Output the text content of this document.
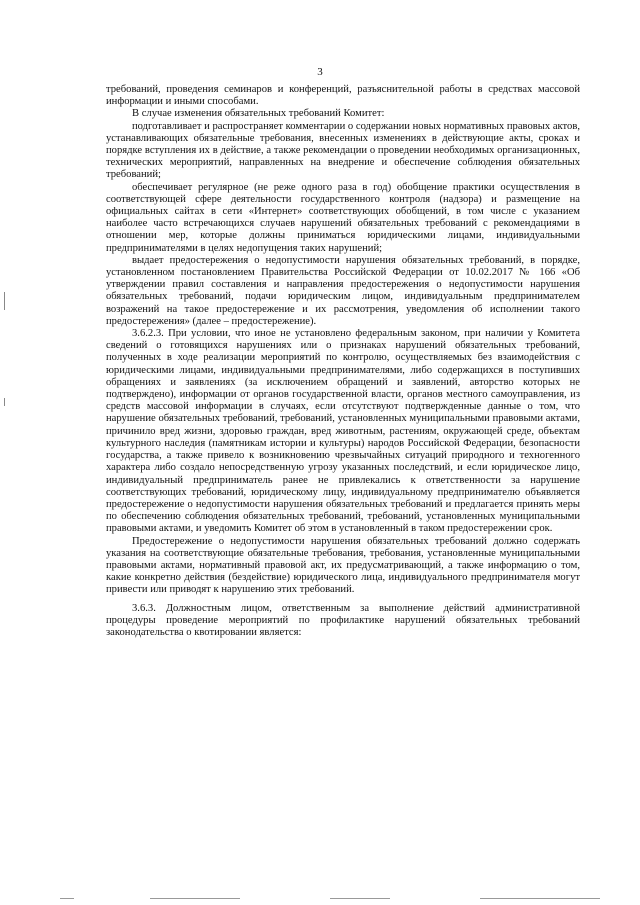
3

требований, проведения семинаров и конференций, разъяснительной работы в средствах массовой информации и иными способами.

В случае изменения обязательных требований Комитет:

подготавливает и распространяет комментарии о содержании новых нормативных правовых актов, устанавливающих обязательные требования, внесенных изменениях в действующие акты, сроках и порядке вступления их в действие, а также рекомендации о проведении необходимых организационных, технических мероприятий, направленных на внедрение и обеспечение соблюдения обязательных требований;

обеспечивает регулярное (не реже одного раза в год) обобщение практики осуществления в соответствующей сфере деятельности государственного контроля (надзора) и размещение на официальных сайтах в сети «Интернет» соответствующих обобщений, в том числе с указанием наиболее часто встречающихся случаев нарушений обязательных требований с рекомендациями в отношении мер, которые должны приниматься юридическими лицами, индивидуальными предпринимателями в целях недопущения таких нарушений;

выдает предостережения о недопустимости нарушения обязательных требований, в порядке, установленном постановлением Правительства Российской Федерации от 10.02.2017 № 166 «Об утверждении правил составления и направления предостережения о недопустимости нарушения обязательных требований, подачи юридическим лицом, индивидуальным предпринимателем возражений на такое предостережение и их рассмотрения, уведомления об исполнении такого предостережения» (далее – предостережение).

3.6.2.3. При условии, что иное не установлено федеральным законом, при наличии у Комитета сведений о готовящихся нарушениях или о признаках нарушений обязательных требований, полученных в ходе реализации мероприятий по контролю, осуществляемых без взаимодействия с юридическими лицами, индивидуальными предпринимателями, либо содержащихся в поступивших обращениях и заявлениях (за исключением обращений и заявлений, авторство которых не подтверждено), информации от органов государственной власти, органов местного самоуправления, из средств массовой информации в случаях, если отсутствуют подтвержденные данные о том, что нарушение обязательных требований, требований, установленных муниципальными правовыми актами, причинило вред жизни, здоровью граждан, вред животным, растениям, окружающей среде, объектам культурного наследия (памятникам истории и культуры) народов Российской Федерации, безопасности государства, а также привело к возникновению чрезвычайных ситуаций природного и техногенного характера либо создало непосредственную угрозу указанных последствий, и если юридическое лицо, индивидуальный предприниматель ранее не привлекались к ответственности за нарушение соответствующих требований, юридическому лицу, индивидуальному предпринимателю объявляется предостережение о недопустимости нарушения обязательных требований и предлагается принять меры по обеспечению соблюдения обязательных требований, требований, установленных муниципальными правовыми актами, и уведомить Комитет об этом в установленный в таком предостережении срок.

Предостережение о недопустимости нарушения обязательных требований должно содержать указания на соответствующие обязательные требования, требования, установленные муниципальными правовыми актами, нормативный правовой акт, их предусматривающий, а также информацию о том, какие конкретно действия (бездействие) юридического лица, индивидуального предпринимателя могут привести или приводят к нарушению этих требований.

3.6.3. Должностным лицом, ответственным за выполнение действий административной процедуры проведение мероприятий по профилактике нарушений обязательных требований законодательства о квотировании является:
